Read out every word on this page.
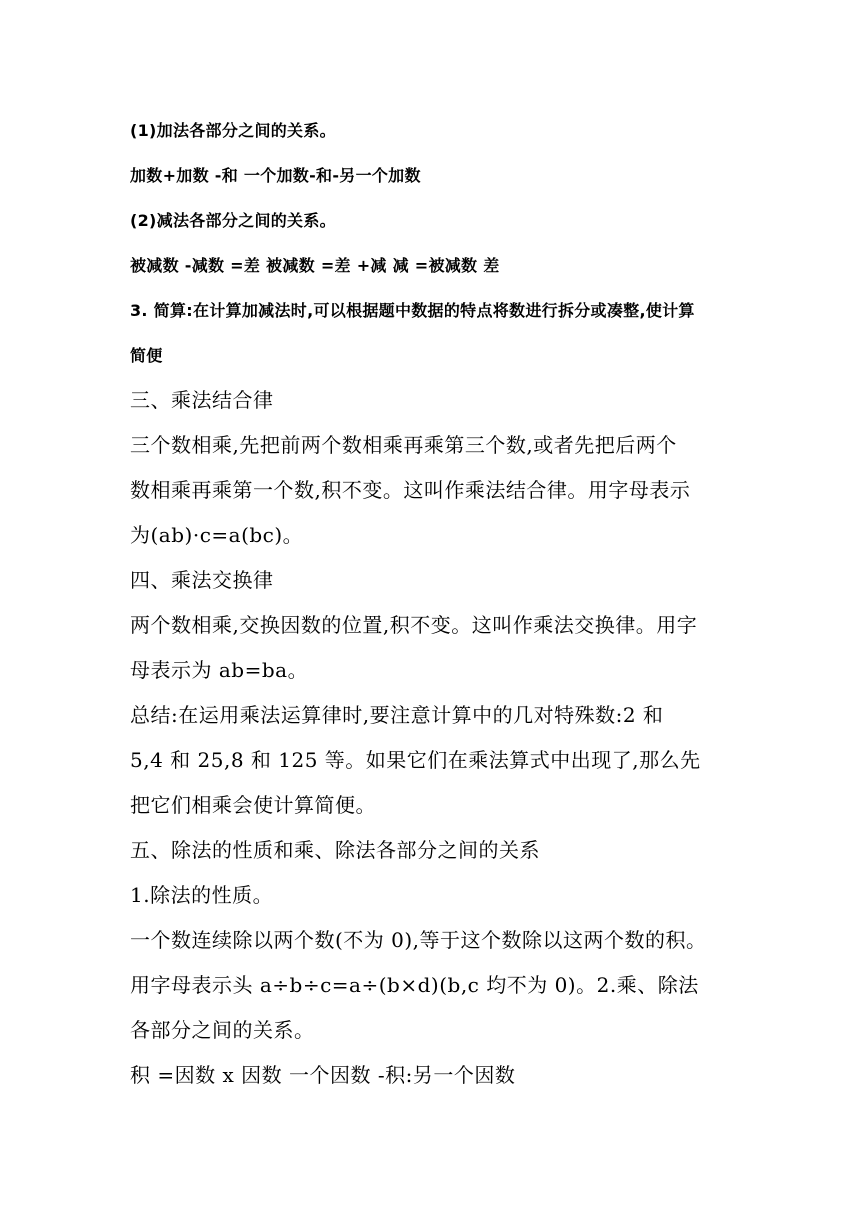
(1)加法各部分之间的关系。
加数+加数 -和 一个加数-和-另一个加数
(2)减法各部分之间的关系。
被减数 -减数 =差 被减数 =差 +减 减 =被减数 差
3. 简算:在计算加减法时,可以根据题中数据的特点将数进行拆分或凑整,使计算
简便
三、乘法结合律
三个数相乘,先把前两个数相乘再乘第三个数,或者先把后两个
数相乘再乘第一个数,积不变。这叫作乘法结合律。用字母表示
为(ab)·c=a(bc)。
四、乘法交换律
两个数相乘,交换因数的位置,积不变。这叫作乘法交换律。用字
母表示为 ab=ba。
总结:在运用乘法运算律时,要注意计算中的几对特殊数:2 和
5,4 和 25,8 和 125 等。如果它们在乘法算式中出现了,那么先
把它们相乘会使计算简便。
五、除法的性质和乘、除法各部分之间的关系
1.除法的性质。
一个数连续除以两个数(不为 0),等于这个数除以这两个数的积。
用字母表示头 a÷b÷c=a÷(b×d)(b,c 均不为 0)。2.乘、除法
各部分之间的关系。
积 =因数 x 因数 一个因数 -积:另一个因数
